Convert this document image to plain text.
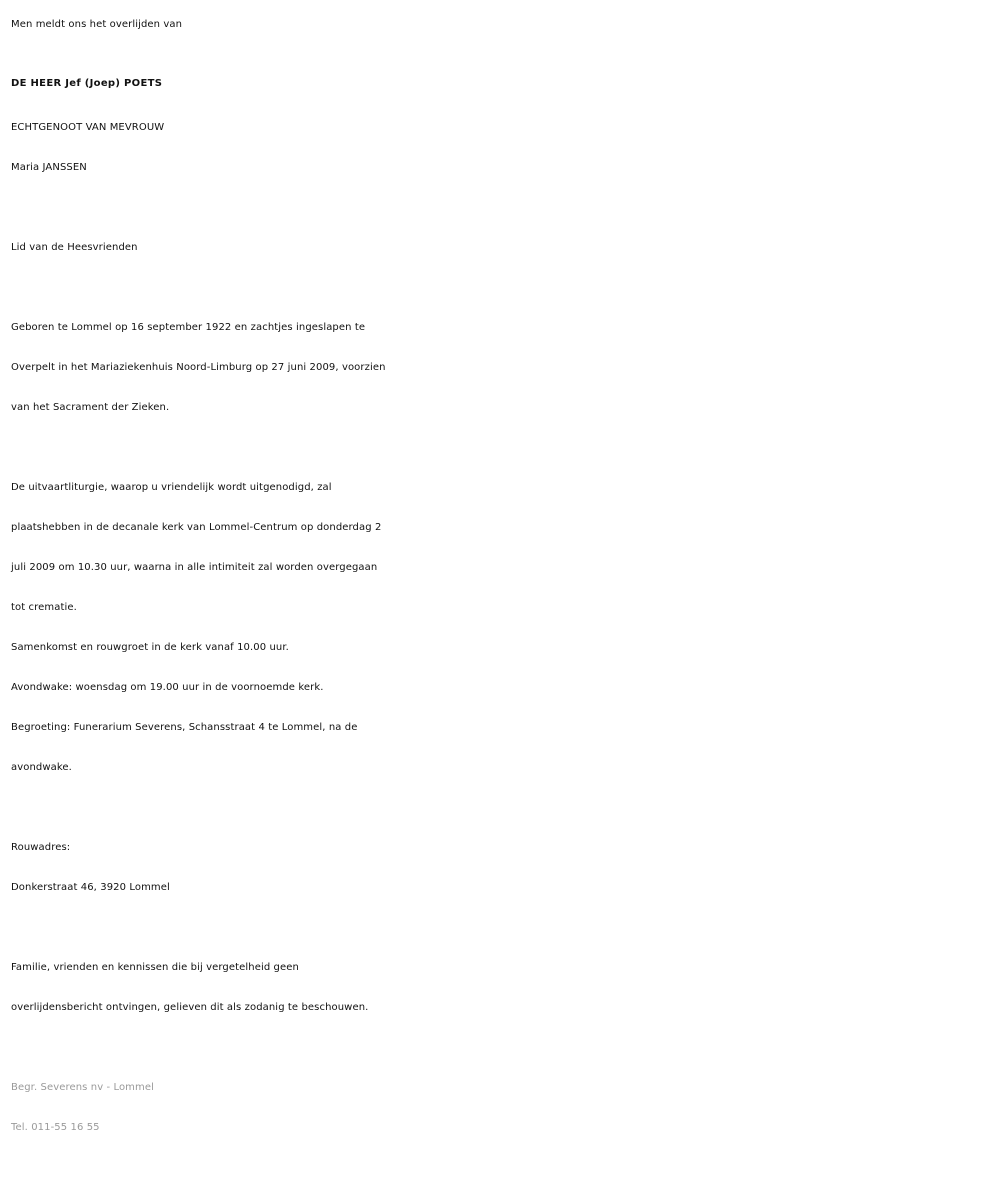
Men meldt ons het overlijden van
DE HEER Jef (Joep) POETS
ECHTGENOOT VAN MEVROUW
Maria JANSSEN
Lid van de Heesvrienden
Geboren te Lommel op 16 september 1922 en zachtjes ingeslapen te
Overpelt in het Mariaziekenhuis Noord-Limburg op 27 juni 2009, voorzien
van het Sacrament der Zieken.
De uitvaartliturgie, waarop u vriendelijk wordt uitgenodigd, zal
plaatshebben in de decanale kerk van Lommel-Centrum op donderdag 2
juli 2009 om 10.30 uur, waarna in alle intimiteit zal worden overgegaan
tot crematie.
Samenkomst en rouwgroet in de kerk vanaf 10.00 uur.
Avondwake: woensdag om 19.00 uur in de voornoemde kerk.
Begroeting: Funerarium Severens, Schansstraat 4 te Lommel, na de
avondwake.
Rouwadres:
Donkerstraat 46, 3920 Lommel
Familie, vrienden en kennissen die bij vergetelheid geen
overlijdensbericht ontvingen, gelieven dit als zodanig te beschouwen.
Begr. Severens nv - Lommel
Tel. 011-55 16 55
